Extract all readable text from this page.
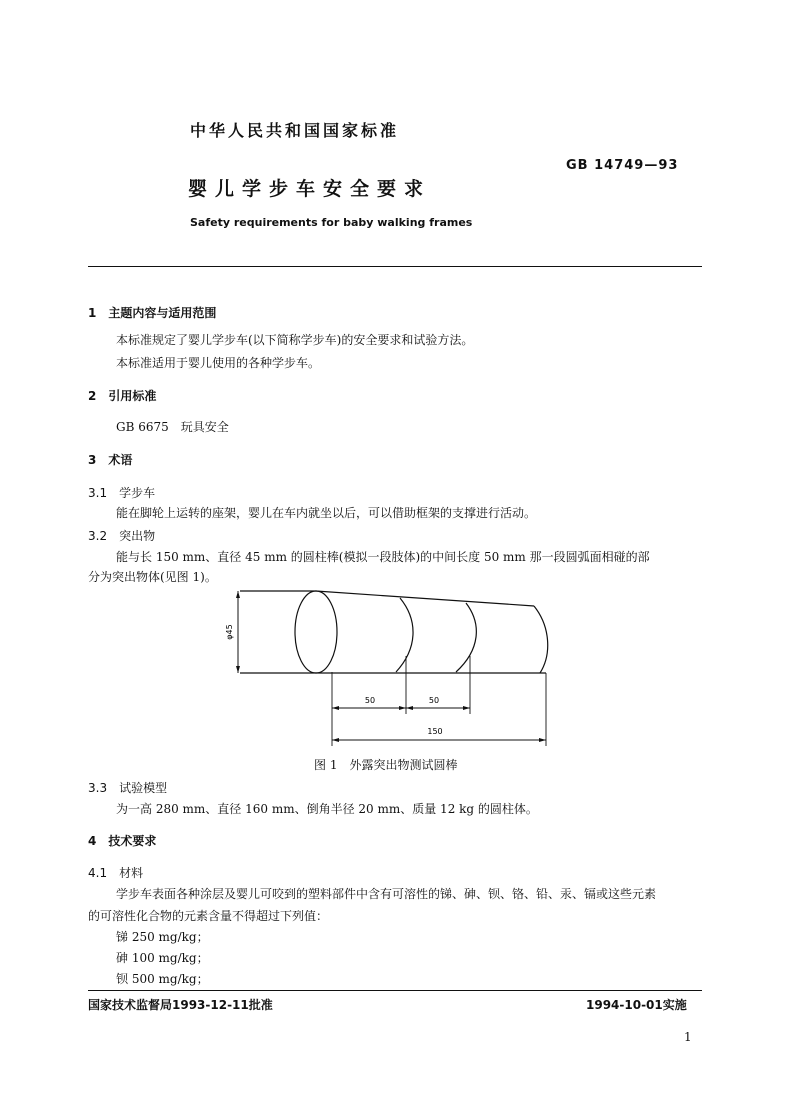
中华人民共和国国家标准
GB 14749—93
婴儿学步车安全要求
Safety requirements for baby walking frames
1　主题内容与适用范围
本标准规定了婴儿学步车(以下简称学步车)的安全要求和试验方法。
本标准适用于婴儿使用的各种学步车。
2　引用标准
GB 6675　玩具安全
3　术语
3.1　学步车
能在脚轮上运转的座架，婴儿在车内就坐以后，可以借助框架的支撑进行活动。
3.2　突出物
能与长 150 mm、直径 45 mm 的圆柱棒(模拟一段肢体)的中间长度 50 mm 那一段圆弧面相碰的部
分为突出物体(见图 1)。
φ45
50	50
150
图 1　外露突出物测试圆棒
3.3　试验模型
为一高 280 mm、直径 160 mm、倒角半径 20 mm、质量 12 kg 的圆柱体。
4　技术要求
4.1　材料
学步车表面各种涂层及婴儿可咬到的塑料部件中含有可溶性的锑、砷、钡、铬、铅、汞、镉或这些元素
的可溶性化合物的元素含量不得超过下列值：
锑 250 mg/kg；
砷 100 mg/kg；
钡 500 mg/kg；
国家技术监督局1993-12-11批准	1994-10-01实施
1
